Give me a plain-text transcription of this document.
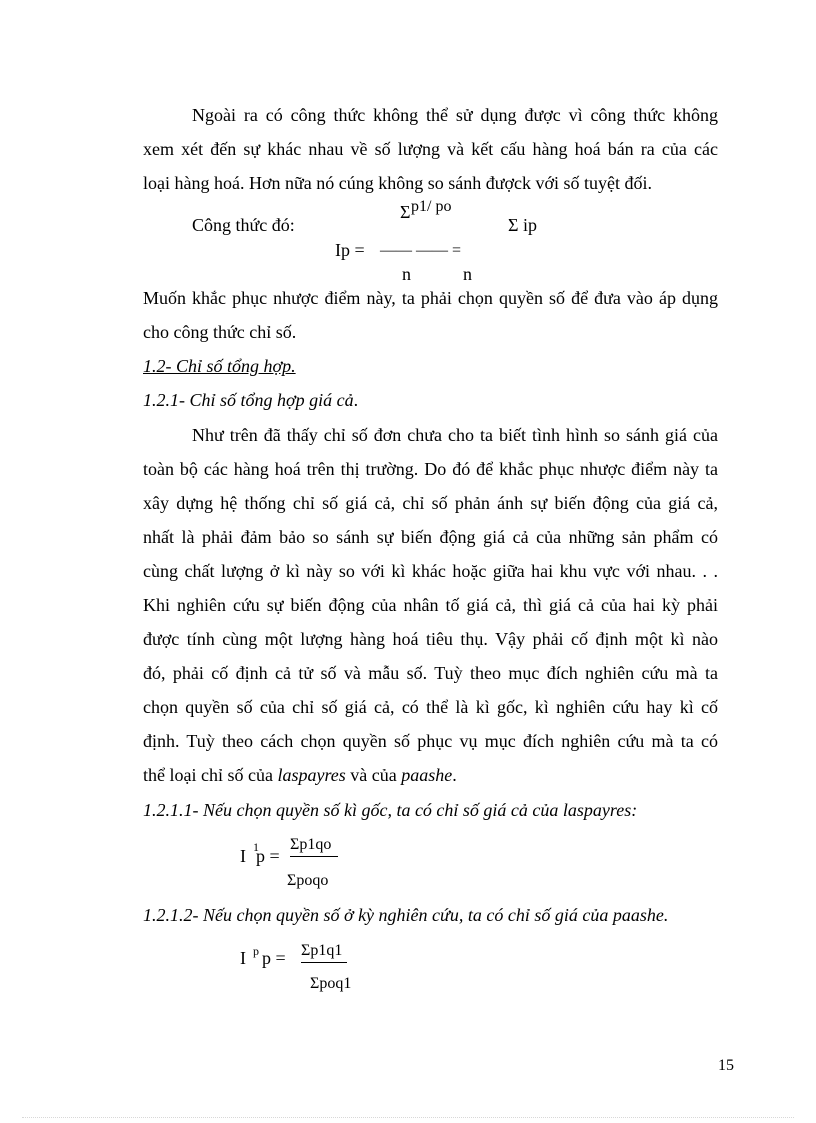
Ngoài ra có công thức không thể sử dụng được vì công thức không
xem xét đến sự khác nhau về số lượng và kết cấu hàng hoá bán ra của các
loại hàng hoá. Hơn nữa nó cúng không so sánh đượck với số tuyệt đối.
Công thức đó:
Σ p1/ po
Σ ip
Ip = —— —— =
n	n
Muốn khắc phục nhược điểm này, ta phải chọn quyền số để đưa vào áp dụng
cho công thức chỉ số.
1.2- Chỉ số tổng hợp.
1.2.1- Chỉ số tổng hợp giá cả.
Như trên đã thấy chỉ số đơn chưa cho ta biết tình hình so sánh giá của
toàn bộ các hàng hoá trên thị trường. Do đó để khắc phục nhược điểm này ta
xây dựng hệ thống chỉ số giá cả, chỉ số phản ánh sự biến động của giá cả,
nhất là phải đảm bảo so sánh sự biến động giá cả của những sản phẩm có
cùng chất lượng ở kì này so với kì khác hoặc giữa hai khu vực với nhau. . .
Khi nghiên cứu sự biến động của nhân tố giá cả, thì giá cả của hai kỳ phải
được tính cùng một lượng hàng hoá tiêu thụ. Vậy phải cố định một kì nào
đó, phải cố định cả tử số và mẫu số. Tuỳ theo mục đích nghiên cứu mà ta
chọn quyền số của chỉ số giá cả, có thể là kì gốc, kì nghiên cứu hay kì cố
định. Tuỳ theo cách chọn quyền số phục vụ mục đích nghiên cứu mà ta có
thể loại chỉ số của laspayres và của paashe.
1.2.1.1- Nếu chọn quyền số kì gốc, ta có chỉ số giá cả của laspayres:
I 1
p =
Σp1qo
Σpoqo
1.2.1.2- Nếu chọn quyền số ở kỳ nghiên cứu, ta có chỉ số giá của paashe.
I p p = Σp1q1
Σpoq1
15
